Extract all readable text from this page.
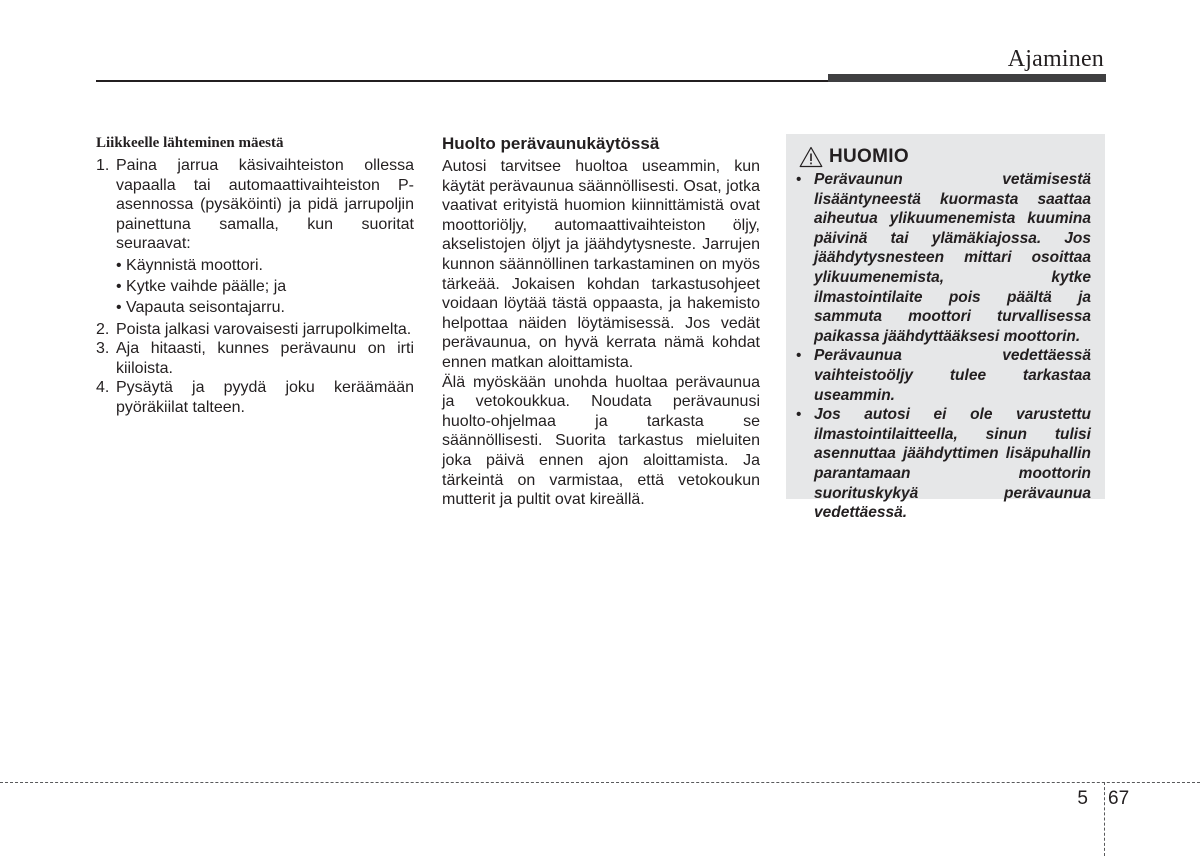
Ajaminen
Liikkeelle lähteminen mäestä
1. Paina jarrua käsivaihteiston ollessa vapaalla tai automaattivaihteiston P-asennossa (pysäköinti) ja pidä jarrupoljin painettuna samalla, kun suoritat seuraavat:
• Käynnistä moottori.
• Kytke vaihde päälle; ja
• Vapauta seisontajarru.
2. Poista jalkasi varovaisesti jarrupolkimelta.
3. Aja hitaasti, kunnes perävaunu on irti kiiloista.
4. Pysäytä ja pyydä joku keräämään pyöräkiilat talteen.
Huolto perävaunukäytössä

Autosi tarvitsee huoltoa useammin, kun käytät perävaunua säännöllisesti. Osat, jotka vaativat erityistä huomion kiinnittämistä ovat moottoriöljy, automaattivaihteiston öljy, akselistojen öljyt ja jäähdytysneste. Jarrujen kunnon säännöllinen tarkastaminen on myös tärkeää. Jokaisen kohdan tarkastusohjeet voidaan löytää tästä oppaasta, ja hakemisto helpottaa näiden löytämisessä. Jos vedät perävaunua, on hyvä kerrata nämä kohdat ennen matkan aloittamista.

Älä myöskään unohda huoltaa perävaunua ja vetokoukkua. Noudata perävaunusi huolto-ohjelmaa ja tarkasta se säännöllisesti. Suorita tarkastus mieluiten joka päivä ennen ajon aloittamista. Ja tärkeintä on varmistaa, että vetokoukun mutterit ja pultit ovat kireällä.

HUOMIO
• Perävaunun vetämisestä lisääntyneestä kuormasta saattaa aiheutua ylikuumenemista kuumina päivinä tai ylämäkiajossa. Jos jäähdytysnesteen mittari osoittaa ylikuumenemista, kytke ilmastointilaite pois päältä ja sammuta moottori turvallisessa paikassa jäähdyttääksesi moottorin.
• Perävaunua vedettäessä vaihteistoöljy tulee tarkastaa useammin.
• Jos autosi ei ole varustettu ilmastointilaitteella, sinun tulisi asennuttaa jäähdyttimen lisäpuhallin parantamaan moottorin suorituskykyä perävaunua vedettäessä.
5	67
